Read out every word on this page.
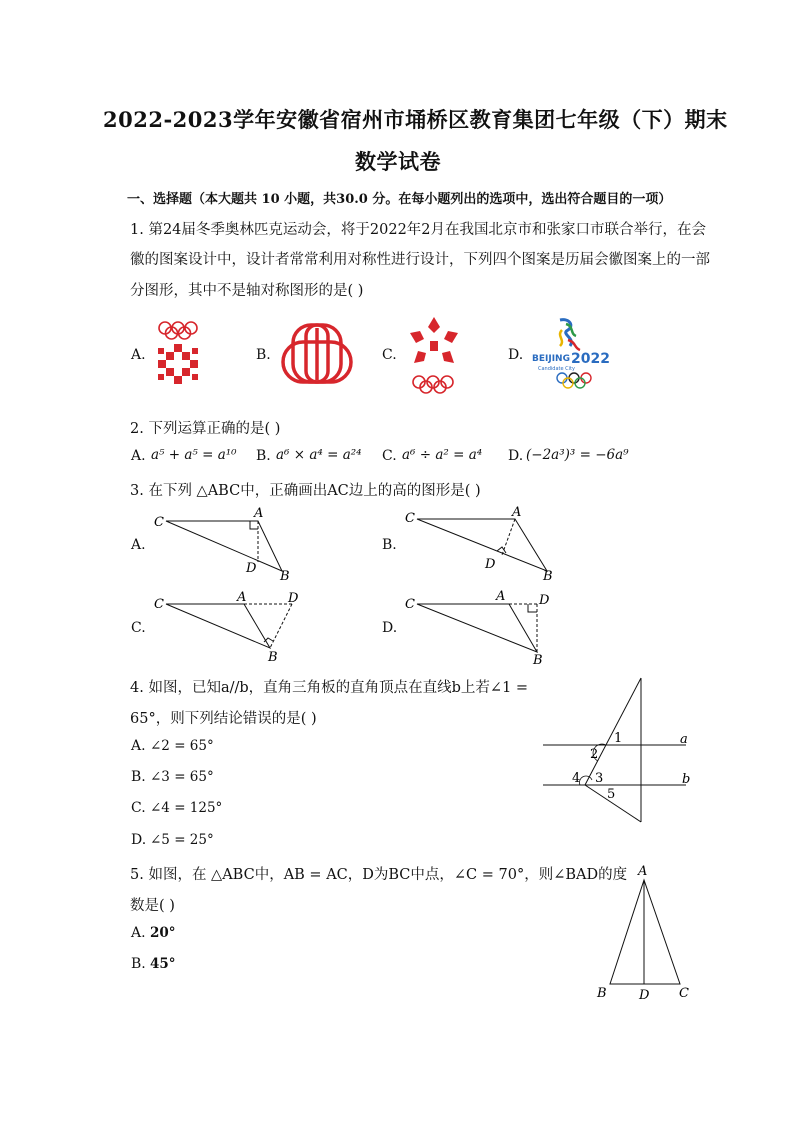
2022-2023学年安徽省宿州市埇桥区教育集团七年级（下）期末
数学试卷
一、选择题（本大题共 10 小题，共30.0 分。在每小题列出的选项中，选出符合题目的一项）
1. 第24届冬季奥林匹克运动会，将于2022年2月在我国北京市和张家口市联合举行，在会
徽的图案设计中，设计者常常利用对称性进行设计，下列四个图案是历届会徽图案上的一部
分图形，其中不是轴对称图形的是( )
A.	B.	C.	D. BEIJING 2022
Candidate City
2. 下列运算正确的是( )
A. a⁵ + a⁵ = a¹⁰ B. a⁶ × a⁴ = a²⁴ C. a⁶ ÷ a² = a⁴ D. (−2a³)³ = −6a⁹
3. 在下列 △ABC中，正确画出AC边上的高的图形是( )
A.
C
A
D
B
B.
C	A
D
B
C.
C	A	D
B
D.
C
A	D
B
4. 如图，已知a//b，直角三角板的直角顶点在直线b上若∠1 =
65°，则下列结论错误的是( )
A. ∠2 = 65°
B. ∠3 = 65°
C. ∠4 = 125°
D. ∠5 = 25°
1
2
3
4
5
a
b
5. 如图，在 △ABC中，AB = AC，D为BC中点，∠C = 70°，则∠BAD的度
数是( )
A. 20°
B. 45°
A
B D C
